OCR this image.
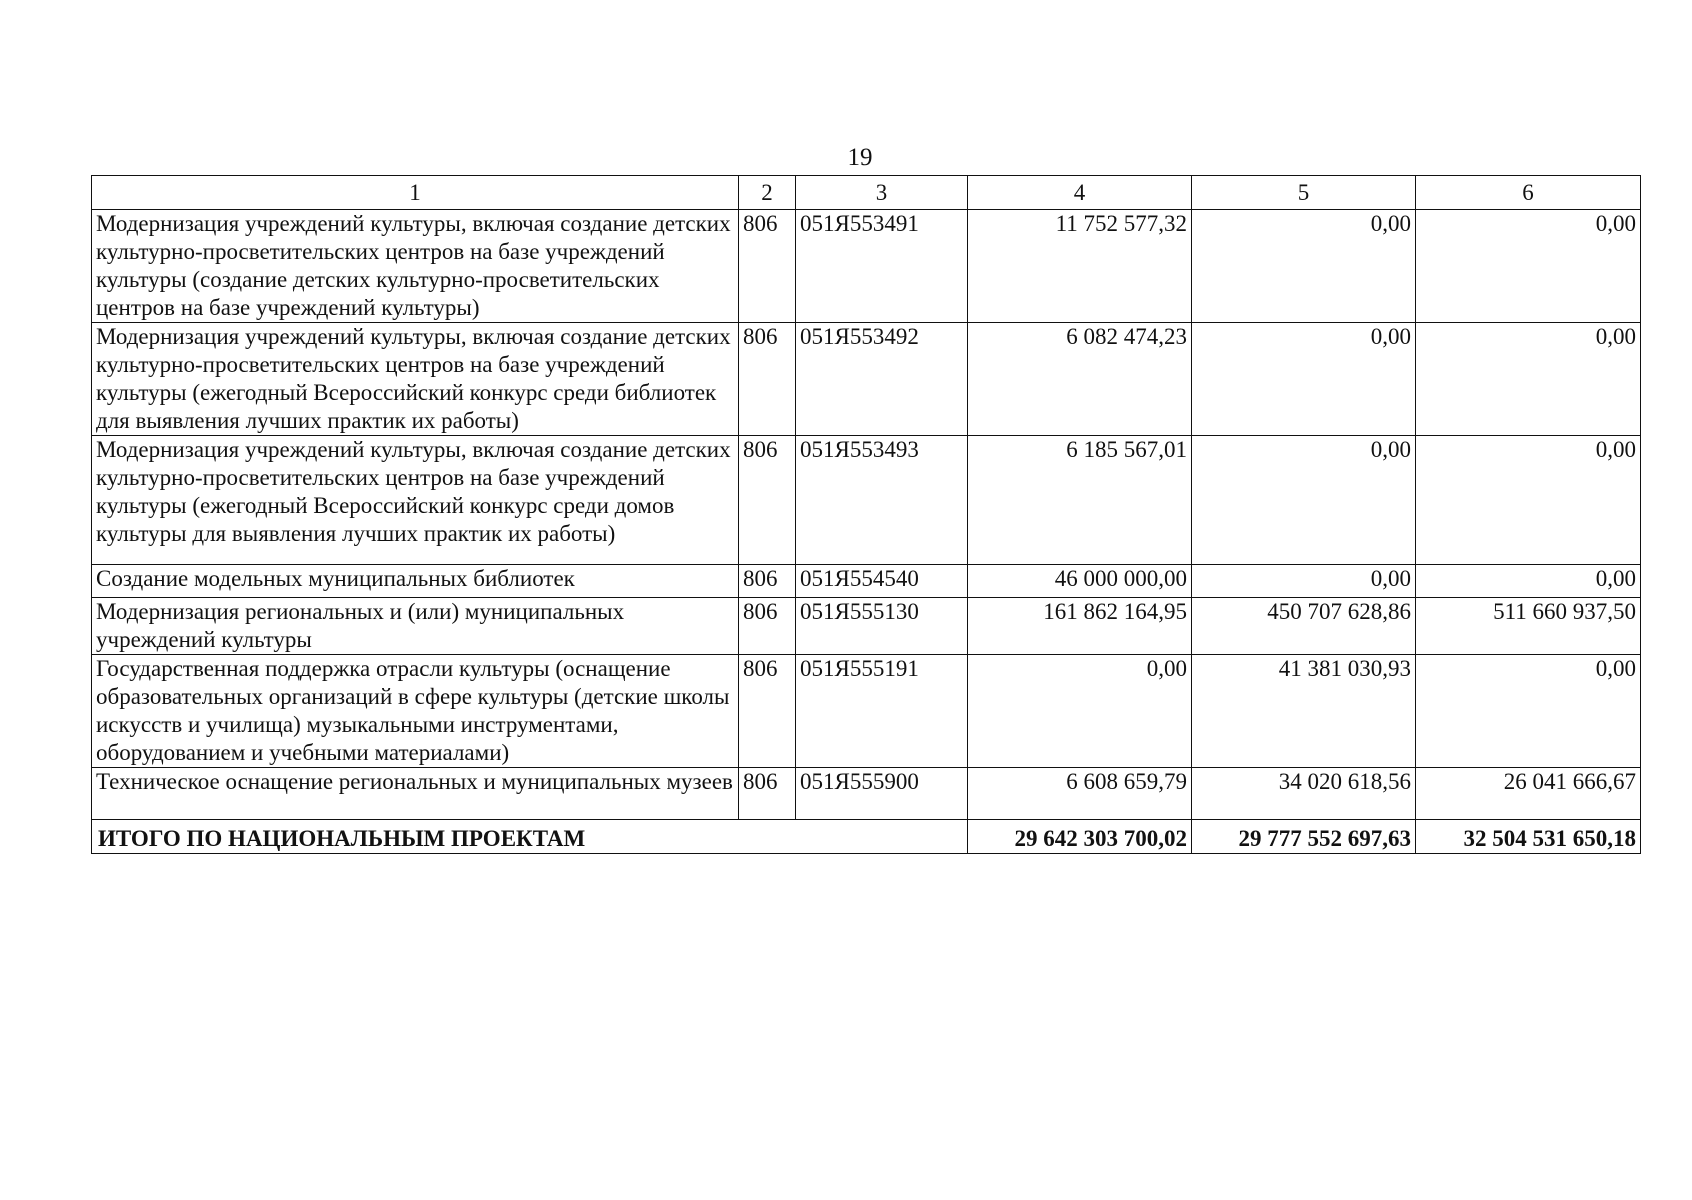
19
1	2	3	4	5	6
Модернизация учреждений культуры, включая создание детских культурно-просветительских центров на базе учреждений культуры (создание детских культурно-просветительских центров на базе учреждений культуры)	806	051Я553491	11 752 577,32	0,00	0,00
Модернизация учреждений культуры, включая создание детских культурно-просветительских центров на базе учреждений культуры (ежегодный Всероссийский конкурс среди библиотек для выявления лучших практик их работы)	806	051Я553492	6 082 474,23	0,00	0,00
Модернизация учреждений культуры, включая создание детских культурно-просветительских центров на базе учреждений культуры (ежегодный Всероссийский конкурс среди домов культуры для выявления лучших практик их работы)	806	051Я553493	6 185 567,01	0,00	0,00
Создание модельных муниципальных библиотек	806	051Я554540	46 000 000,00	0,00	0,00
Модернизация региональных и (или) муниципальных учреждений культуры	806	051Я555130	161 862 164,95	450 707 628,86	511 660 937,50
Государственная поддержка отрасли культуры (оснащение образовательных организаций в сфере культуры (детские школы искусств и училища) музыкальными инструментами, оборудованием и учебными материалами)	806	051Я555191	0,00	41 381 030,93	0,00
Техническое оснащение региональных и муниципальных музеев	806	051Я555900	6 608 659,79	34 020 618,56	26 041 666,67
ИТОГО ПО НАЦИОНАЛЬНЫМ ПРОЕКТАМ			29 642 303 700,02	29 777 552 697,63	32 504 531 650,18
